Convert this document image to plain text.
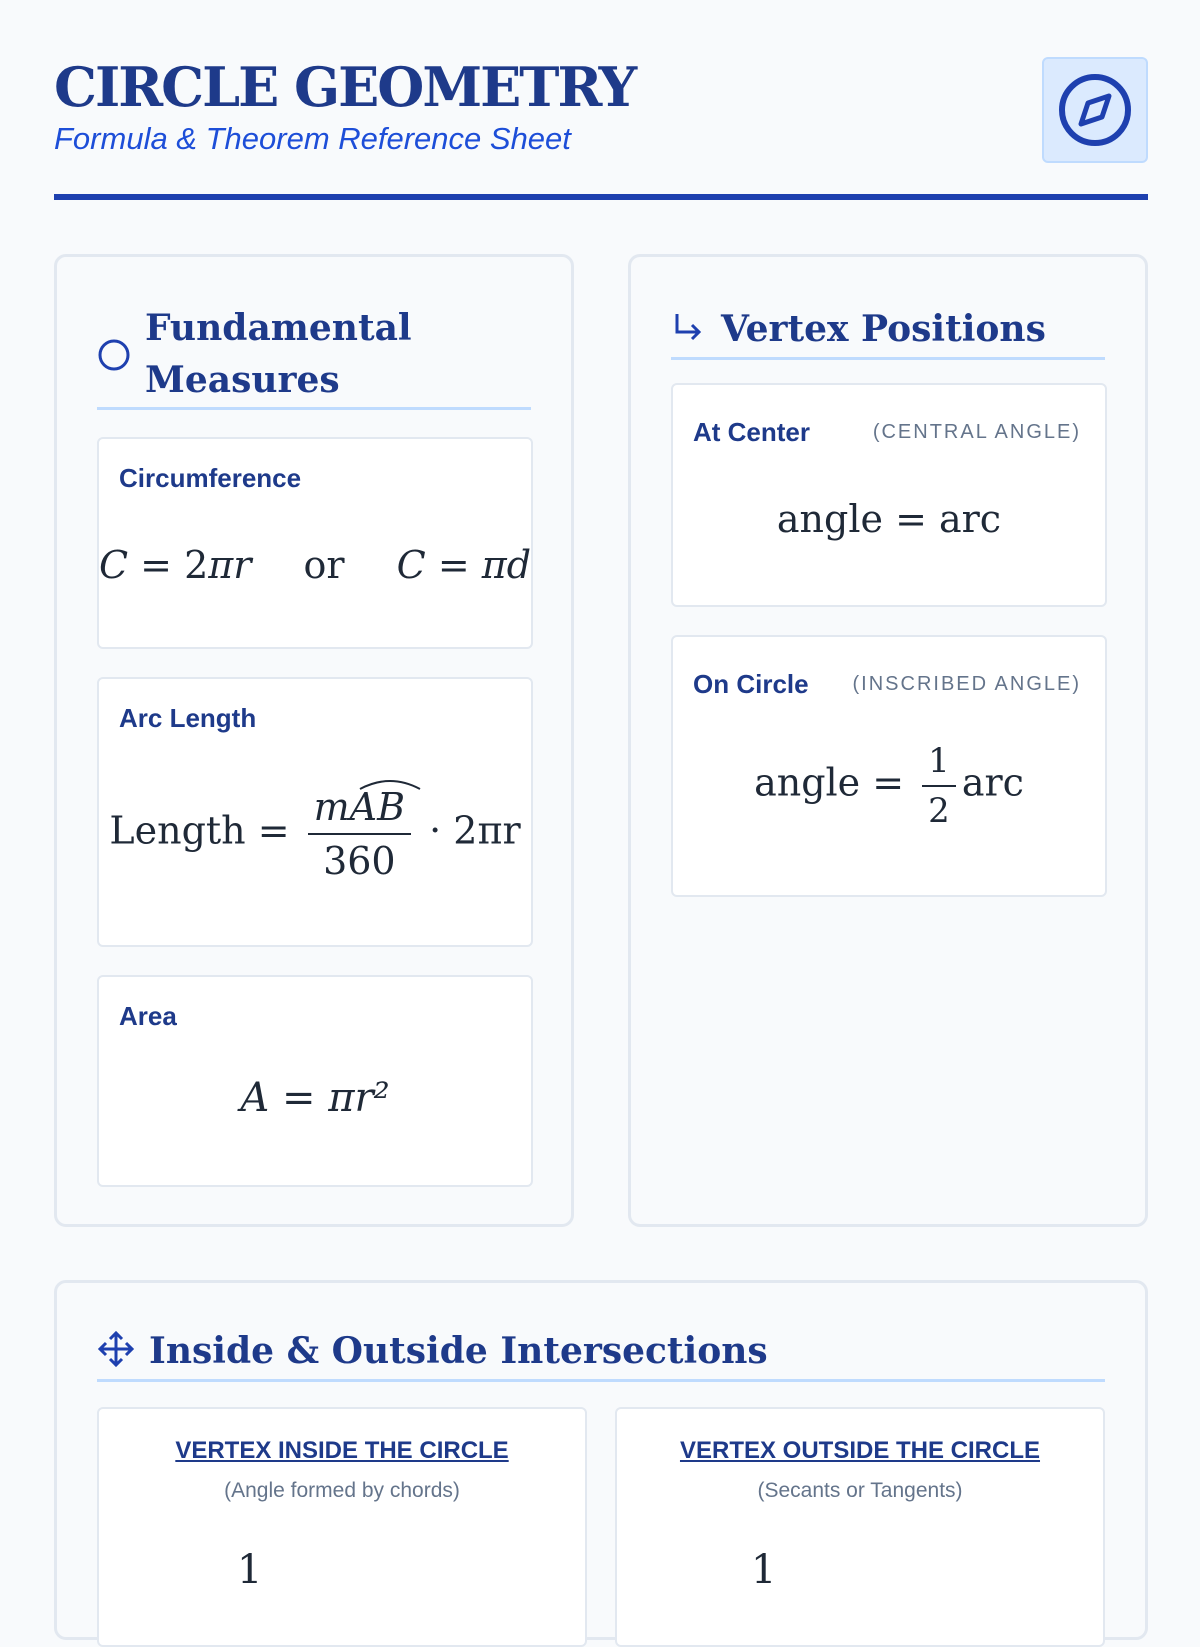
CIRCLE GEOMETRY
Formula & Theorem Reference Sheet
Fundamental
Measures
Circumference
C = 2πr or C = πd
Arc Length
Length = $\frac{\text{mAB}}{360} \cdot 2\pi r$
Area
A = πr²
Vertex Positions
At Center	(CENTRAL ANGLE)
angle = arc
On Circle (INSCRIBED ANGLE)
angle = $\frac{1}{2}$ arc
Inside & Outside Intersections
VERTEX INSIDE THE CIRCLE
(Angle formed by chords)
1
VERTEX OUTSIDE THE CIRCLE
(Secants or Tangents)
1
